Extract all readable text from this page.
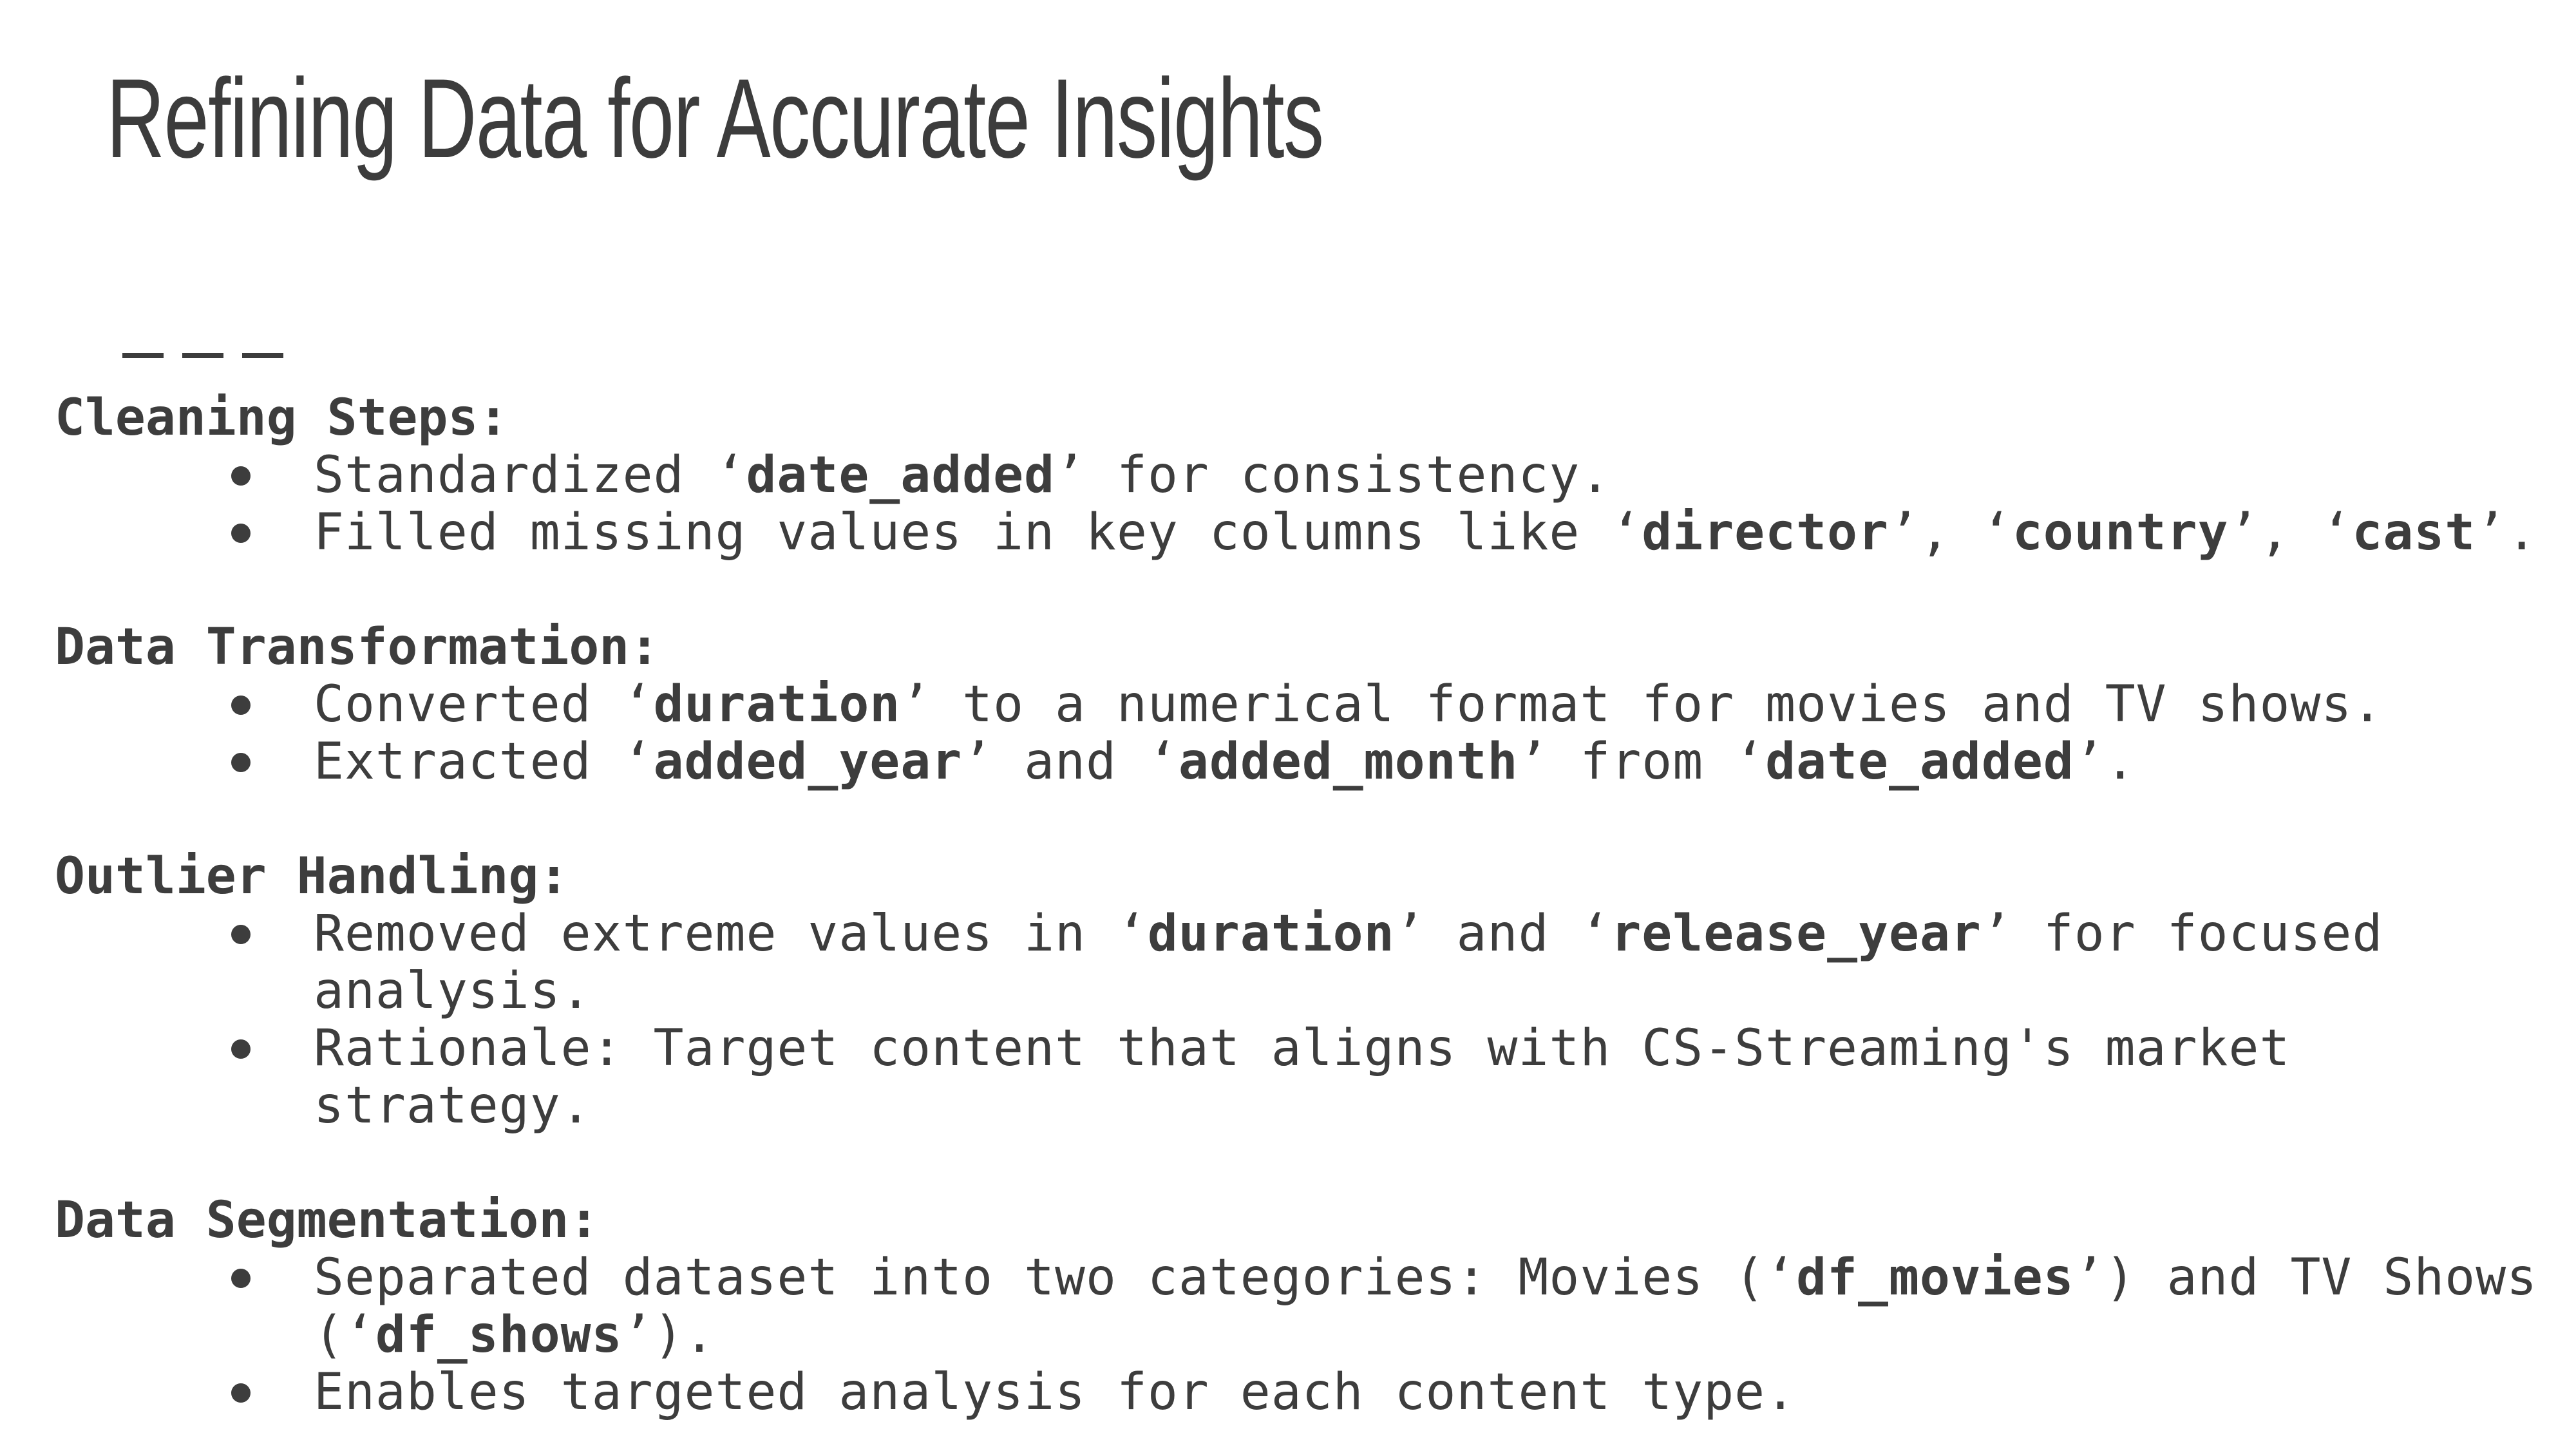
Refining Data for Accurate Insights
Cleaning Steps:
Standardized ‘date_added’ for consistency.
Filled missing values in key columns like ‘director’, ‘country’, ‘cast’.
Data Transformation:
Converted ‘duration’ to a numerical format for movies and TV shows.
Extracted ‘added_year’ and ‘added_month’ from ‘date_added’.
Outlier Handling:
Removed extreme values in ‘duration’ and ‘release_year’ for focused analysis.
Rationale: Target content that aligns with CS-Streaming's market strategy.
Data Segmentation:
Separated dataset into two categories: Movies (‘df_movies’) and TV Shows (‘df_shows’).
Enables targeted analysis for each content type.
